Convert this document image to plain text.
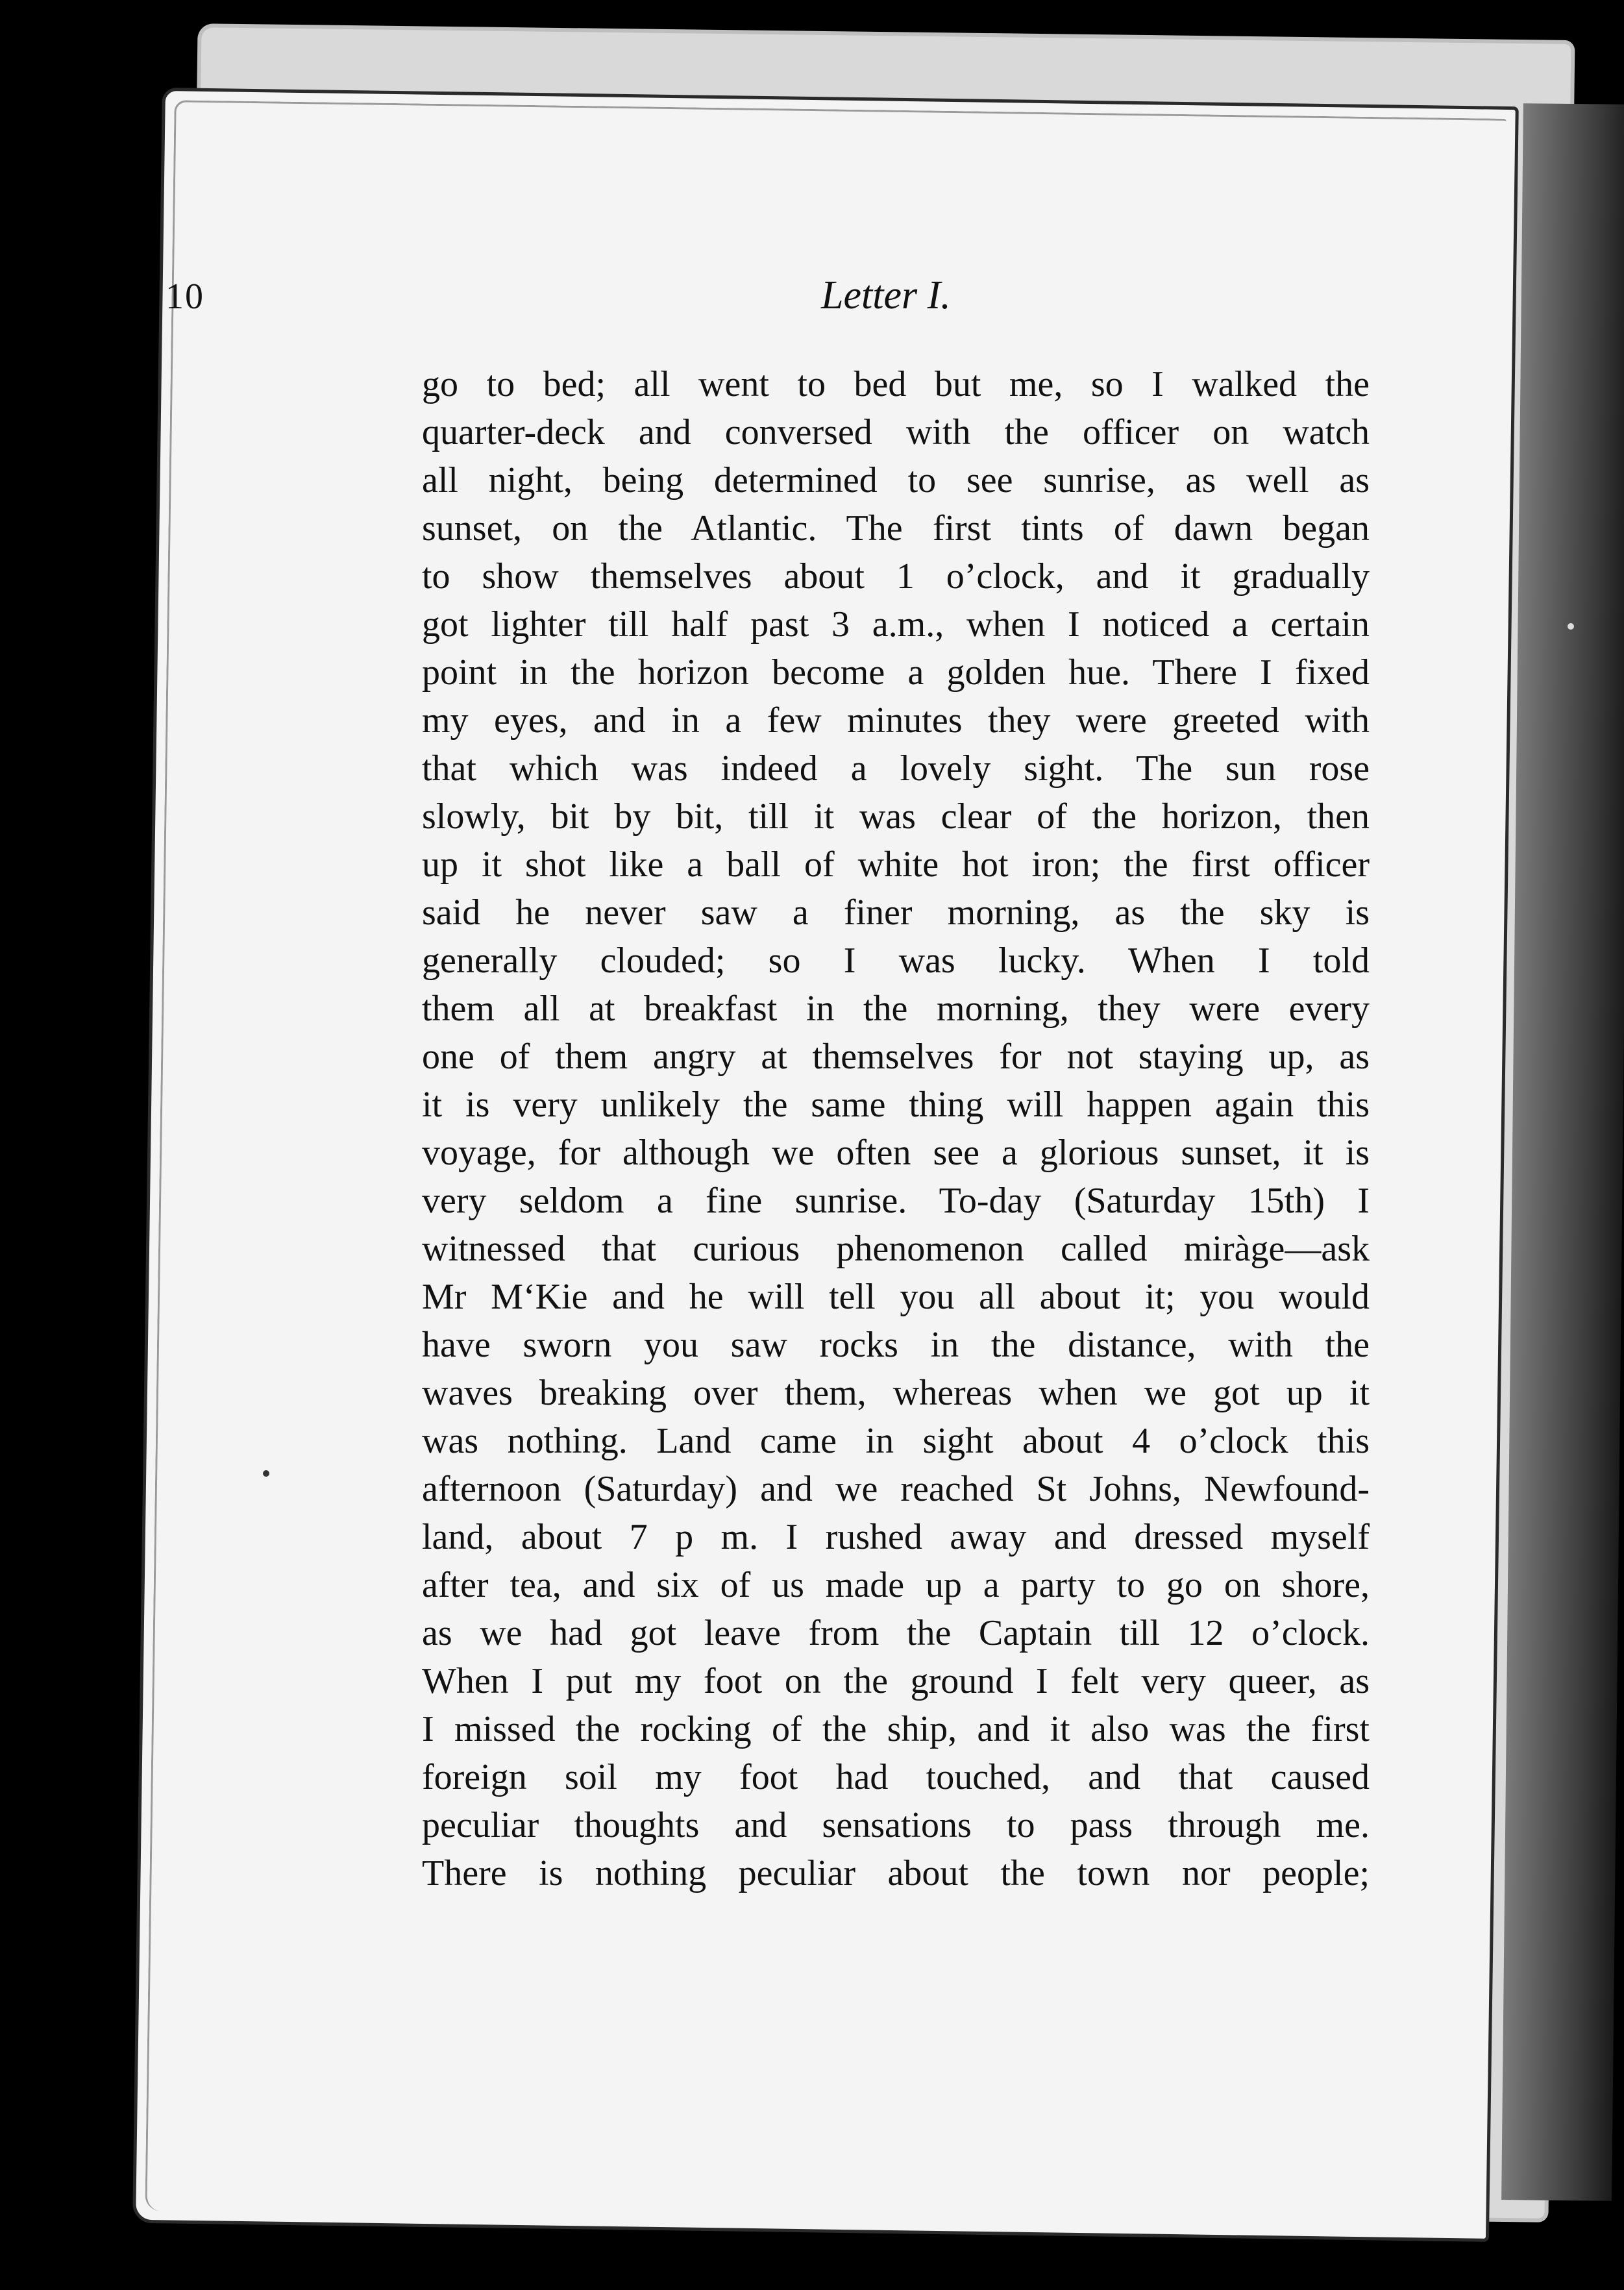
10	Letter I.
go to bed; all went to bed but me, so I walked the
quarter-deck and conversed with the officer on watch
all night, being determined to see sunrise, as well as
sunset, on the Atlantic. The first tints of dawn began
to show themselves about 1 o’clock, and it gradually
got lighter till half past 3 a.m., when I noticed a certain
point in the horizon become a golden hue. There I fixed
my eyes, and in a few minutes they were greeted with
that which was indeed a lovely sight. The sun rose
slowly, bit by bit, till it was clear of the horizon, then
up it shot like a ball of white hot iron; the first officer
said he never saw a finer morning, as the sky is
generally clouded; so I was lucky. When I told
them all at breakfast in the morning, they were every
one of them angry at themselves for not staying up, as
it is very unlikely the same thing will happen again this
voyage, for although we often see a glorious sunset, it is
very seldom a fine sunrise. To-day (Saturday 15th) I
witnessed that curious phenomenon called miràge—ask
Mr M‘Kie and he will tell you all about it; you would
have sworn you saw rocks in the distance, with the
waves breaking over them, whereas when we got up it
was nothing. Land came in sight about 4 o’clock this
afternoon (Saturday) and we reached St Johns, Newfound-
land, about 7 p m. I rushed away and dressed myself
after tea, and six of us made up a party to go on shore,
as we had got leave from the Captain till 12 o’clock.
When I put my foot on the ground I felt very queer, as
I missed the rocking of the ship, and it also was the first
foreign soil my foot had touched, and that caused
peculiar thoughts and sensations to pass through me.
There is nothing peculiar about the town nor people;
